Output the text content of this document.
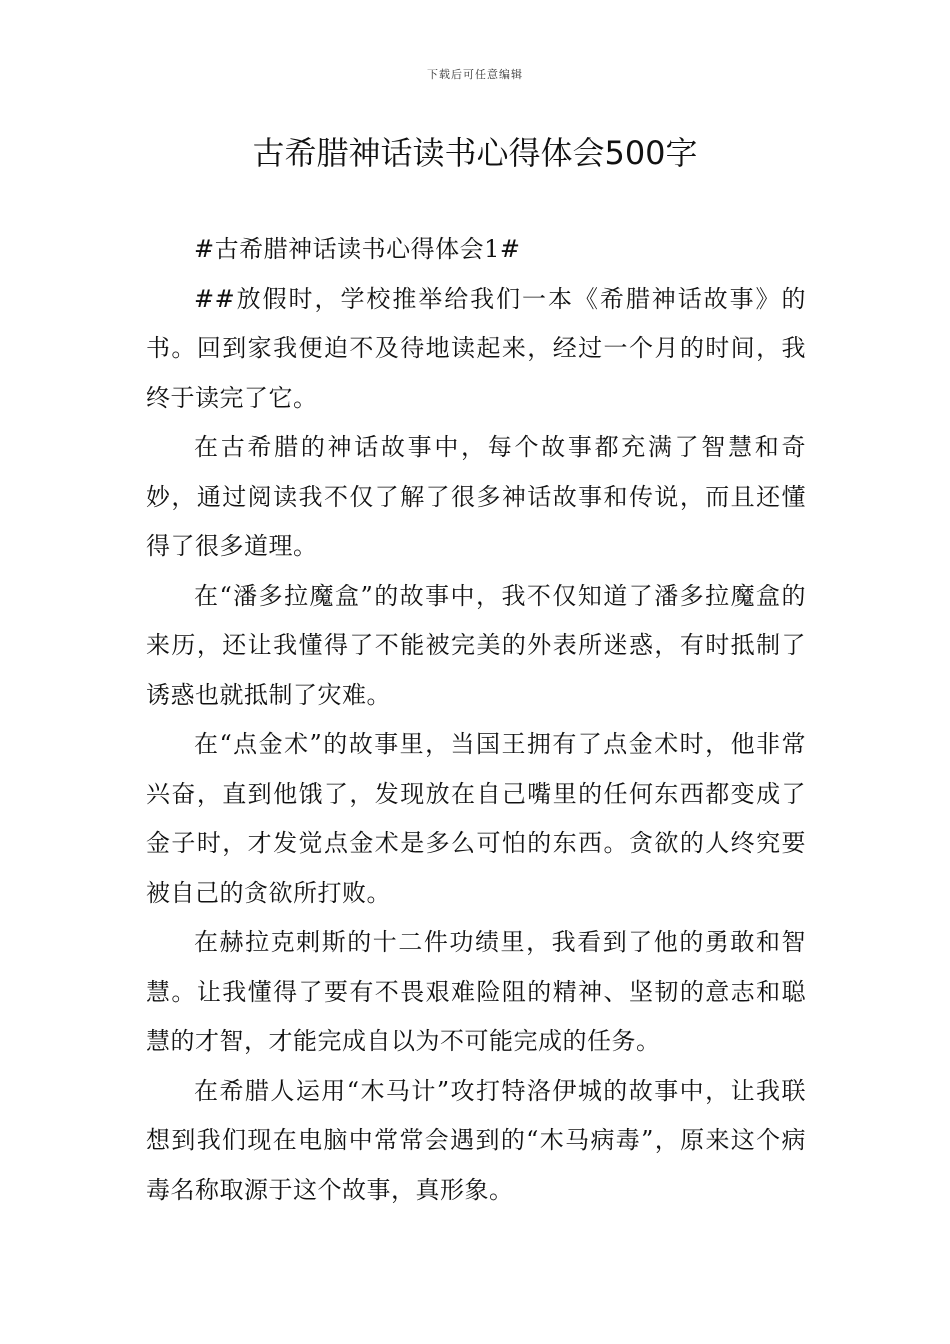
下载后可任意编辑
古希腊神话读书心得体会500字

#古希腊神话读书心得体会1#

##放假时，学校推举给我们一本《希腊神话故事》的书。回到家我便迫不及待地读起来，经过一个月的时间，我终于读完了它。

在古希腊的神话故事中，每个故事都充满了智慧和奇妙，通过阅读我不仅了解了很多神话故事和传说，而且还懂得了很多道理。

在“潘多拉魔盒”的故事中，我不仅知道了潘多拉魔盒的来历，还让我懂得了不能被完美的外表所迷惑，有时抵制了诱惑也就抵制了灾难。

在“点金术”的故事里，当国王拥有了点金术时，他非常兴奋，直到他饿了，发现放在自己嘴里的任何东西都变成了金子时，才发觉点金术是多么可怕的东西。贪欲的人终究要被自己的贪欲所打败。

在赫拉克剌斯的十二件功绩里，我看到了他的勇敢和智慧。让我懂得了要有不畏艰难险阻的精神、坚韧的意志和聪慧的才智，才能完成自以为不可能完成的任务。

在希腊人运用“木马计”攻打特洛伊城的故事中，让我联想到我们现在电脑中常常会遇到的“木马病毒”，原来这个病毒名称取源于这个故事，真形象。
